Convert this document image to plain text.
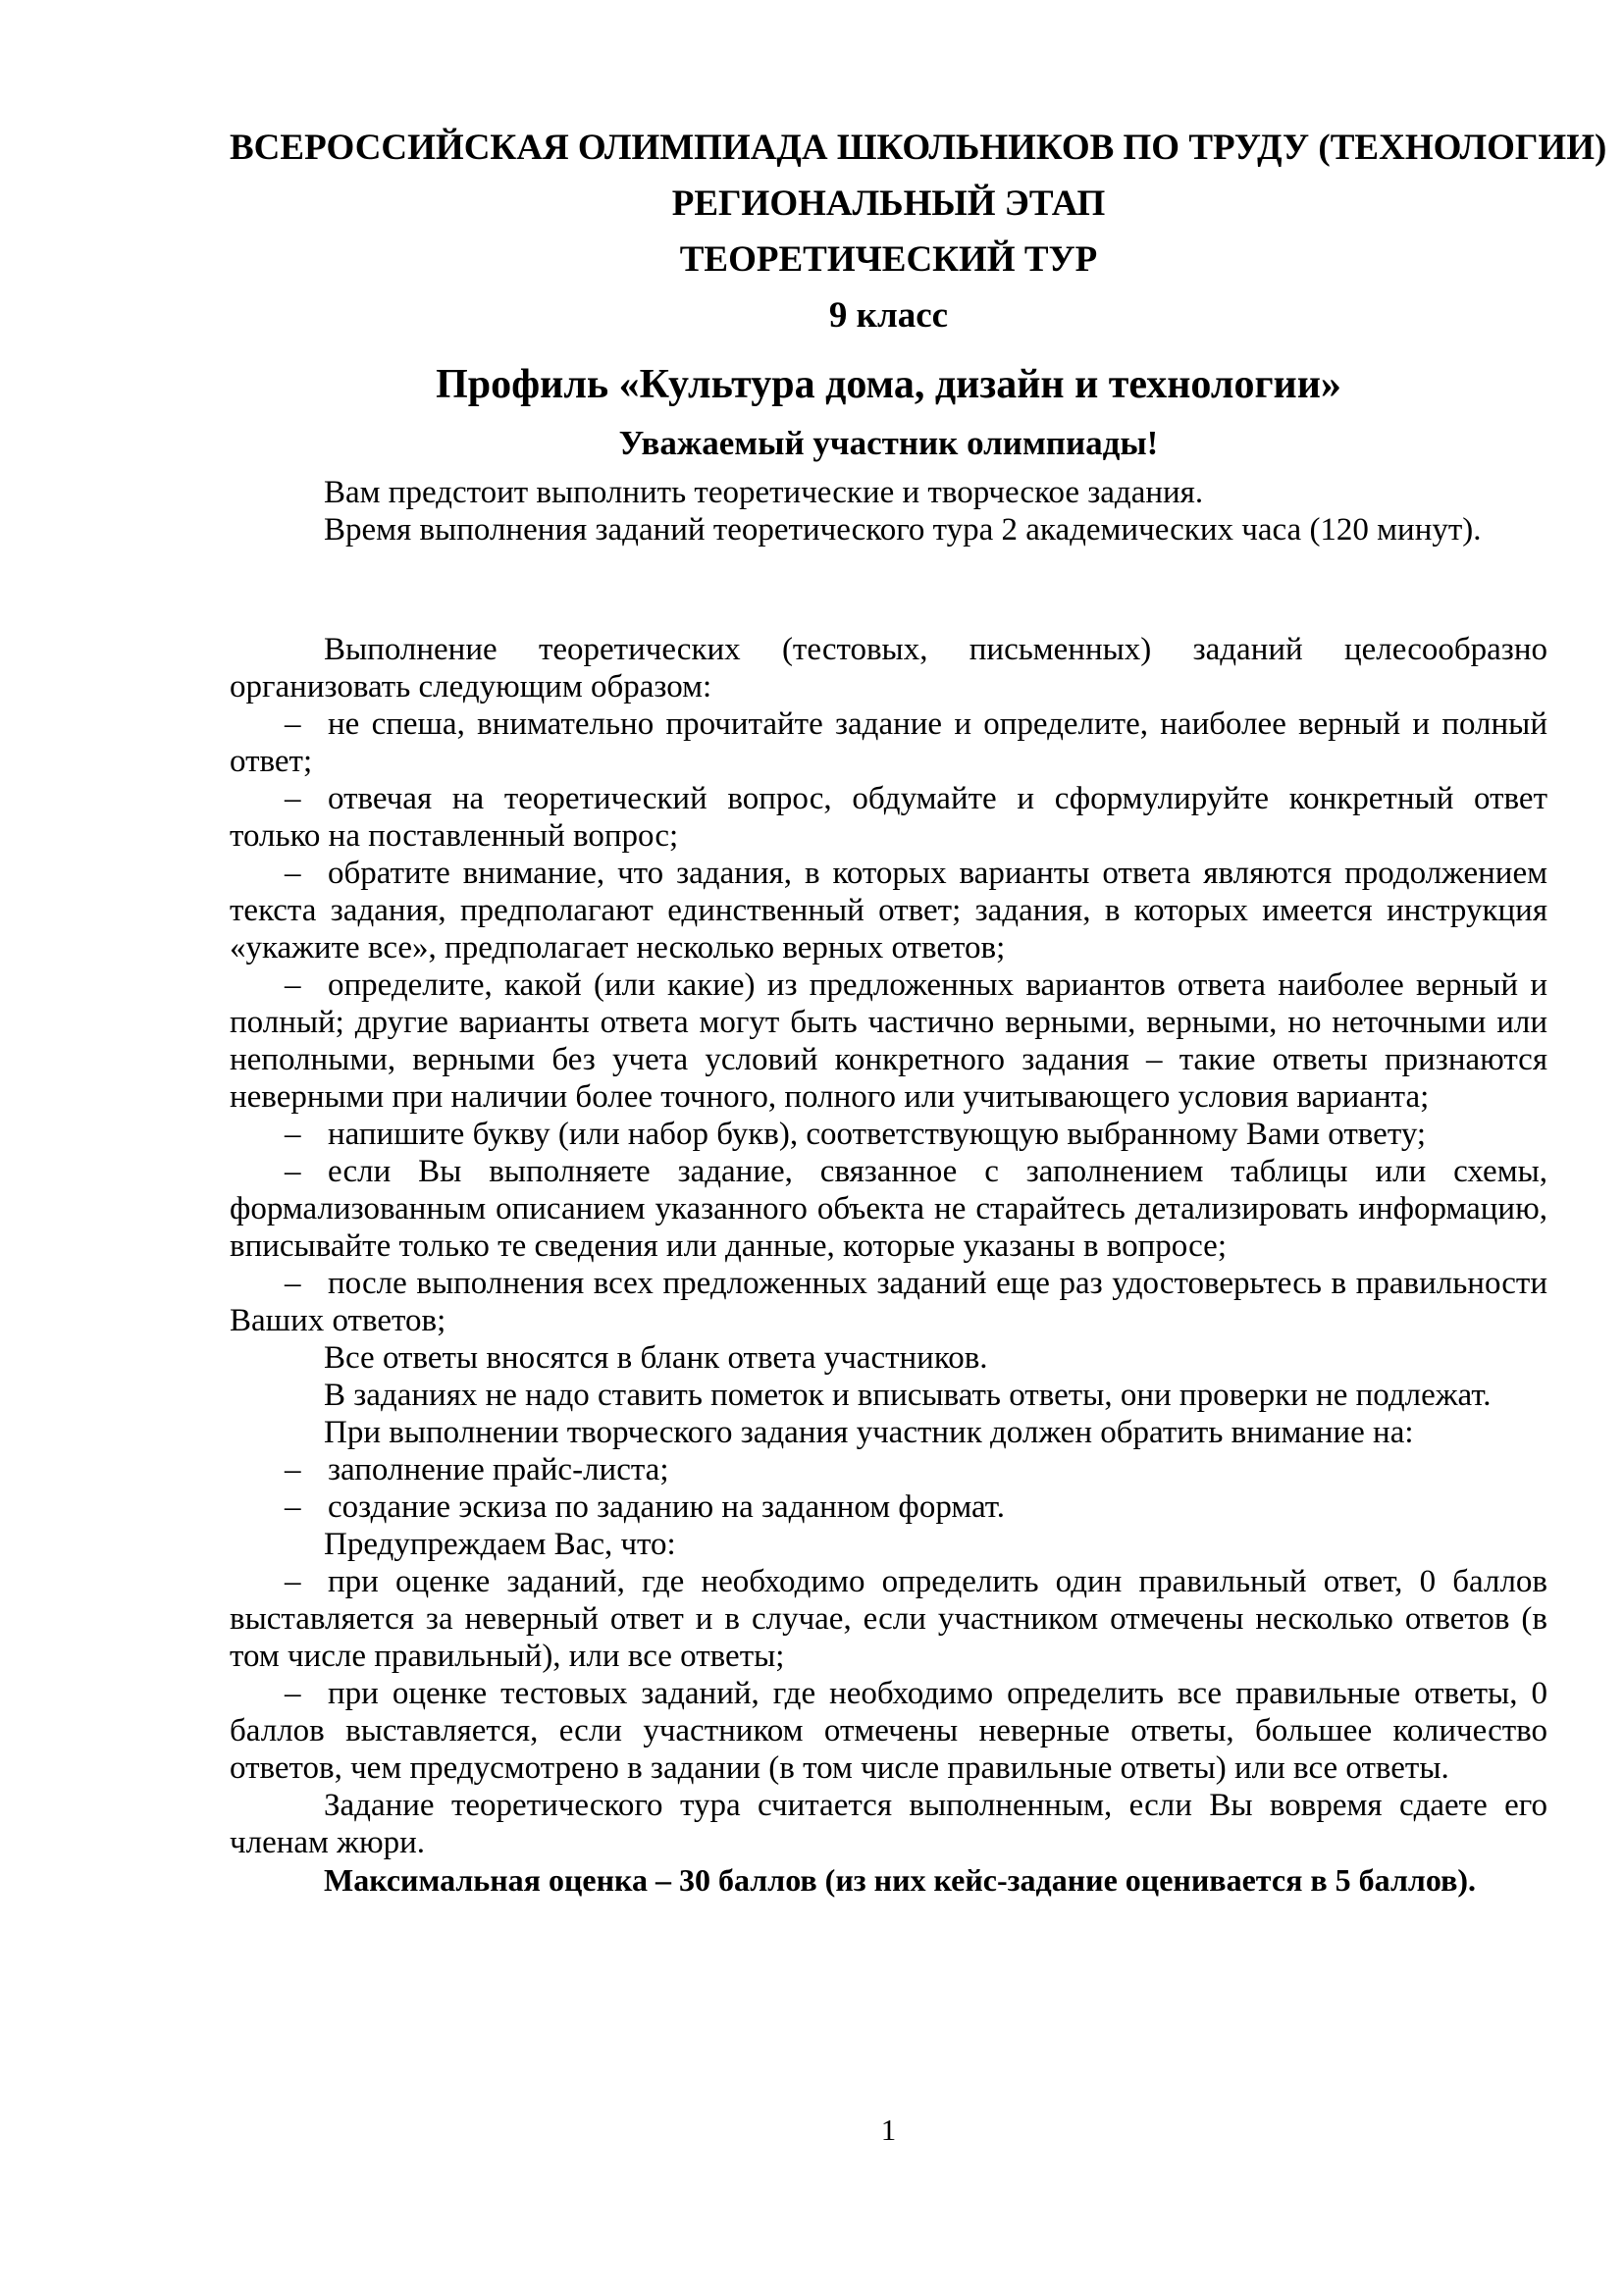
ВСЕРОССИЙСКАЯ ОЛИМПИАДА ШКОЛЬНИКОВ ПО ТРУДУ (ТЕХНОЛОГИИ)
РЕГИОНАЛЬНЫЙ ЭТАП
ТЕОРЕТИЧЕСКИЙ ТУР
9 класс
Профиль «Культура дома, дизайн и технологии»
Уважаемый участник олимпиады!

Вам предстоит выполнить теоретические и творческое задания.

Время выполнения заданий теоретического тура 2 академических часа (120 минут).

Выполнение теоретических (тестовых, письменных) заданий целесообразно организовать следующим образом:

– не спеша, внимательно прочитайте задание и определите, наиболее верный и полный ответ;

– отвечая на теоретический вопрос, обдумайте и сформулируйте конкретный ответ только на поставленный вопрос;

– обратите внимание, что задания, в которых варианты ответа являются продолжением текста задания, предполагают единственный ответ; задания, в которых имеется инструкция «укажите все», предполагает несколько верных ответов;

– определите, какой (или какие) из предложенных вариантов ответа наиболее верный и полный; другие варианты ответа могут быть частично верными, верными, но неточными или неполными, верными без учета условий конкретного задания – такие ответы признаются неверными при наличии более точного, полного или учитывающего условия варианта;

– напишите букву (или набор букв), соответствующую выбранному Вами ответу;

– если Вы выполняете задание, связанное с заполнением таблицы или схемы, формализованным описанием указанного объекта не старайтесь детализировать информацию, вписывайте только те сведения или данные, которые указаны в вопросе;

– после выполнения всех предложенных заданий еще раз удостоверьтесь в правильности Ваших ответов;

Все ответы вносятся в бланк ответа участников.

В заданиях не надо ставить пометок и вписывать ответы, они проверки не подлежат.

При выполнении творческого задания участник должен обратить внимание на:

– заполнение прайс-листа;

– создание эскиза по заданию на заданном формат.

Предупреждаем Вас, что:

– при оценке заданий, где необходимо определить один правильный ответ, 0 баллов выставляется за неверный ответ и в случае, если участником отмечены несколько ответов (в том числе правильный), или все ответы;

– при оценке тестовых заданий, где необходимо определить все правильные ответы, 0 баллов выставляется, если участником отмечены неверные ответы, большее количество ответов, чем предусмотрено в задании (в том числе правильные ответы) или все ответы.

Задание теоретического тура считается выполненным, если Вы вовремя сдаете его членам жюри.

Максимальная оценка – 30 баллов (из них кейс-задание оценивается в 5 баллов).

1
